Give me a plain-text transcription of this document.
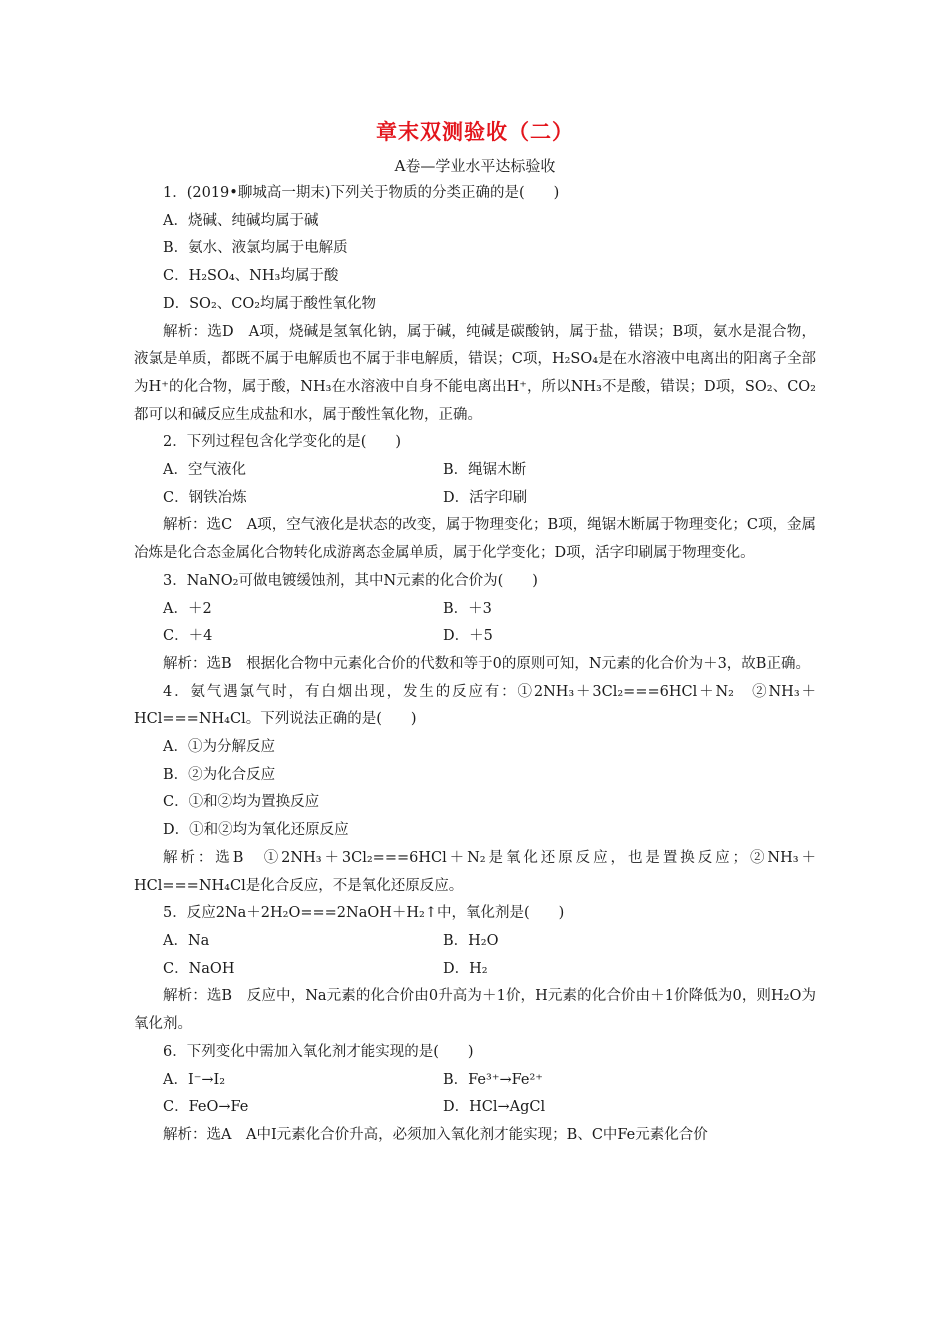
章末双测验收（二）
A卷—学业水平达标验收

1．(2019•聊城高一期末)下列关于物质的分类正确的是(　　)

A．烧碱、纯碱均属于碱

B．氨水、液氯均属于电解质

C．H₂SO₄、NH₃均属于酸

D．SO₂、CO₂均属于酸性氧化物

解析：选D　A项，烧碱是氢氧化钠，属于碱，纯碱是碳酸钠，属于盐，错误；B项，氨水是混合物，液氯是单质，都既不属于电解质也不属于非电解质，错误；C项，H₂SO₄是在水溶液中电离出的阳离子全部为H⁺的化合物，属于酸，NH₃在水溶液中自身不能电离出H⁺，所以NH₃不是酸，错误；D项，SO₂、CO₂都可以和碱反应生成盐和水，属于酸性氧化物，正确。

2．下列过程包含化学变化的是(　　)

A．空气液化	B．绳锯木断
C．钢铁冶炼	D．活字印刷

解析：选C　A项，空气液化是状态的改变，属于物理变化；B项，绳锯木断属于物理变化；C项，金属冶炼是化合态金属化合物转化成游离态金属单质，属于化学变化；D项，活字印刷属于物理变化。

3．NaNO₂可做电镀缓蚀剂，其中N元素的化合价为(　　)

A．＋2	B．＋3
C．＋4	D．＋5

解析：选B　根据化合物中元素化合价的代数和等于0的原则可知，N元素的化合价为＋3，故B正确。

4．氨气遇氯气时，有白烟出现，发生的反应有：①2NH₃＋3Cl₂===6HCl＋N₂　②NH₃＋HCl===NH₄Cl。下列说法正确的是(　　)

A．①为分解反应

B．②为化合反应

C．①和②均为置换反应

D．①和②均为氧化还原反应

解析：选B　①2NH₃＋3Cl₂===6HCl＋N₂是氧化还原反应，也是置换反应；②NH₃＋HCl===NH₄Cl是化合反应，不是氧化还原反应。

5．反应2Na＋2H₂O===2NaOH＋H₂↑中，氧化剂是(　　)

A．Na	B．H₂O
C．NaOH	D．H₂

解析：选B　反应中，Na元素的化合价由0升高为＋1价，H元素的化合价由＋1价降低为0，则H₂O为氧化剂。

6．下列变化中需加入氧化剂才能实现的是(　　)

A．I⁻→I₂	B．Fe³⁺→Fe²⁺
C．FeO→Fe	D．HCl→AgCl

解析：选A　A中I元素化合价升高，必须加入氧化剂才能实现；B、C中Fe元素化合价
